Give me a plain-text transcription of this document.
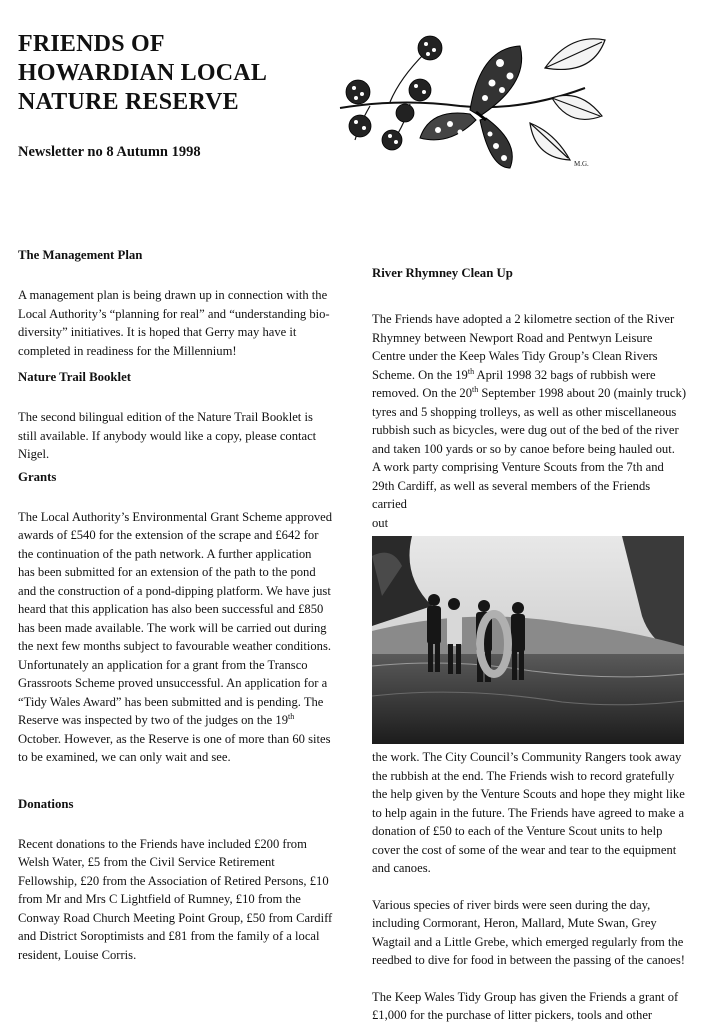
FRIENDS OF
HOWARDIAN LOCAL
NATURE RESERVE
Newsletter no 8 Autumn 1998
M.G.
The Management Plan

A management plan is being drawn up in connection with the

Local Authority’s “planning for real” and “understanding bio-

diversity” initiatives. It is hoped that Gerry may have it

completed in readiness for the Millennium!

Nature Trail Booklet

The second bilingual edition of the Nature Trail Booklet is

still available. If anybody would like a copy, please contact

Nigel.

Grants

The Local Authority’s Environmental Grant Scheme approved

awards of £540 for the extension of the scrape and £642 for

the continuation of the path network. A further application

has been submitted for an extension of the path to the pond

and the construction of a pond-dipping platform. We have just

heard that this application has also been successful and £850

has been made available. The work will be carried out during

the next few months subject to favourable weather conditions.

Unfortunately an application for a grant from the Transco

Grassroots Scheme proved unsuccessful. An application for a

“Tidy Wales Award” has been submitted and is pending. The

Reserve was inspected by two of the judges on the 19th

October. However, as the Reserve is one of more than 60 sites

to be examined, we can only wait and see.

Donations

Recent donations to the Friends have included £200 from

Welsh Water, £5 from the Civil Service Retirement

Fellowship, £20 from the Association of Retired Persons, £10

from Mr and Mrs C Lightfield of Rumney, £10 from the

Conway Road Church Meeting Point Group, £50 from Cardiff

and District Soroptimists and £81 from the family of a local

resident, Louise Corris.

River Rhymney Clean Up

The Friends have adopted a 2 kilometre section of the River

Rhymney between Newport Road and Pentwyn Leisure

Centre under the Keep Wales Tidy Group’s Clean Rivers

Scheme. On the 19th April 1998 32 bags of rubbish were

removed. On the 20th September 1998 about 20 (mainly truck)

tyres and 5 shopping trolleys, as well as other miscellaneous

rubbish such as bicycles, were dug out of the bed of the river

and taken 100 yards or so by canoe before being hauled out.

A work party comprising Venture Scouts from the 7th and

29th Cardiff, as well as several members of the Friends

carried

out

the work. The City Council’s Community Rangers took away

the rubbish at the end. The Friends wish to record gratefully

the help given by the Venture Scouts and hope they might like

to help again in the future. The Friends have agreed to make a

donation of £50 to each of the Venture Scout units to help

cover the cost of some of the wear and tear to the equipment

and canoes.

Various species of river birds were seen during the day,

including Cormorant, Heron, Mallard, Mute Swan, Grey

Wagtail and a Little Grebe, which emerged regularly from the

reedbed to dive for food in between the passing of the canoes!

The Keep Wales Tidy Group has given the Friends a grant of

£1,000 for the purchase of litter pickers, tools and other
